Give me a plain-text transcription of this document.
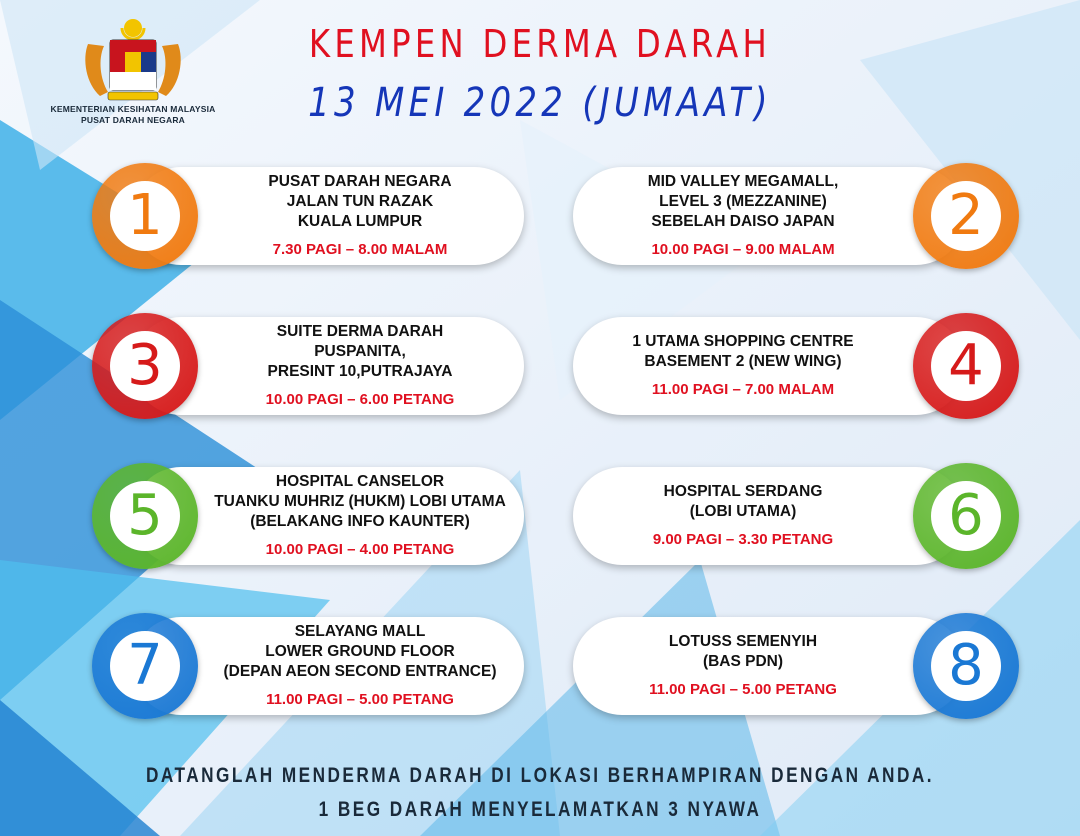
KEMENTERIAN KESIHATAN MALAYSIA
PUSAT DARAH NEGARA
KEMPEN DERMA DARAH
13 MEI 2022 (JUMAAT)
1
PUSAT DARAH NEGARA
JALAN TUN RAZAK
KUALA LUMPUR
7.30 PAGI – 8.00 MALAM
2
MID VALLEY MEGAMALL,
LEVEL 3 (MEZZANINE)
SEBELAH DAISO JAPAN
10.00 PAGI – 9.00 MALAM
3
SUITE DERMA DARAH
PUSPANITA,
PRESINT 10,PUTRAJAYA
10.00 PAGI – 6.00 PETANG
4
1 UTAMA SHOPPING CENTRE
BASEMENT 2 (NEW WING)
11.00 PAGI – 7.00 MALAM
5
HOSPITAL CANSELOR
TUANKU MUHRIZ (HUKM) LOBI UTAMA
(BELAKANG INFO KAUNTER)
10.00 PAGI – 4.00 PETANG
6
HOSPITAL SERDANG
(LOBI UTAMA)
9.00 PAGI – 3.30 PETANG
7
SELAYANG MALL
LOWER GROUND FLOOR
(DEPAN AEON SECOND ENTRANCE)
11.00 PAGI – 5.00 PETANG
8
LOTUSS SEMENYIH
(BAS PDN)
11.00 PAGI – 5.00 PETANG
DATANGLAH MENDERMA DARAH DI LOKASI BERHAMPIRAN DENGAN ANDA.
1 BEG DARAH MENYELAMATKAN 3 NYAWA
